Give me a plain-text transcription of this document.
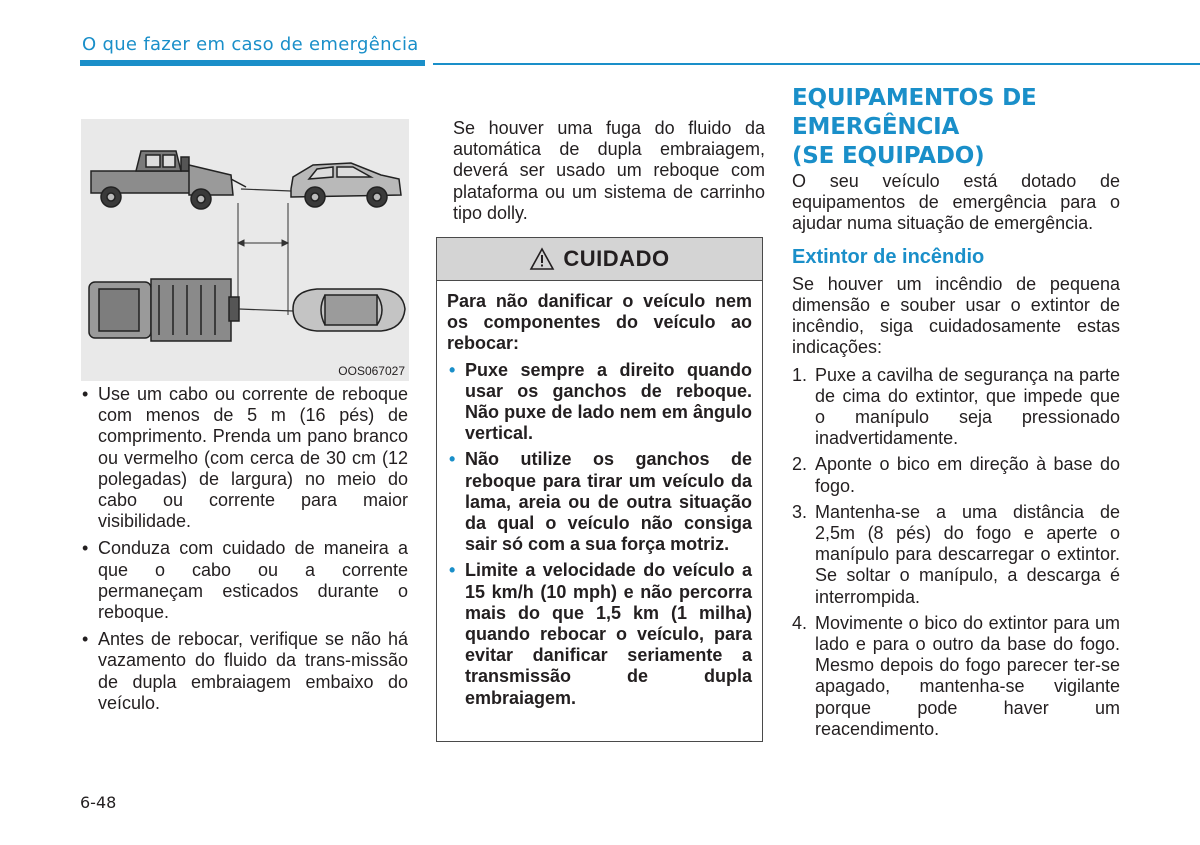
O que fazer em caso de emergência
OOS067027
• Use um cabo ou corrente de reboque com menos de 5 m (16 pés) de comprimento. Prenda um pano branco ou vermelho (com cerca de 30 cm (12 polegadas) de largura) no meio do cabo ou corrente para maior visibilidade.
• Conduza com cuidado de maneira a que o cabo ou a corrente permaneçam esticados durante o reboque.
• Antes de rebocar, verifique se não há vazamento do fluido da trans-missão de dupla embraiagem embaixo do veículo.

Se houver uma fuga do fluido da automática de dupla embraiagem, deverá ser usado um reboque com plataforma ou um sistema de carrinho tipo dolly.

CUIDADO

Para não danificar o veículo nem os componentes do veículo ao rebocar:

• Puxe sempre a direito quando usar os ganchos de reboque. Não puxe de lado nem em ângulo vertical.
• Não utilize os ganchos de reboque para tirar um veículo da lama, areia ou de outra situação da qual o veículo não consiga sair só com a sua força motriz.
• Limite a velocidade do veículo a 15 km/h (10 mph) e não percorra mais do que 1,5 km (1 milha) quando rebocar o veículo, para evitar danificar seriamente a transmissão de dupla embraiagem.
EQUIPAMENTOS DE
EMERGÊNCIA
(SE EQUIPADO)

O seu veículo está dotado de equipamentos de emergência para o ajudar numa situação de emergência.

Extintor de incêndio

Se houver um incêndio de pequena dimensão e souber usar o extintor de incêndio, siga cuidadosamente estas indicações:

1. Puxe a cavilha de segurança na parte de cima do extintor, que impede que o manípulo seja pressionado inadvertidamente.
2. Aponte o bico em direção à base do fogo.
3. Mantenha-se a uma distância de 2,5m (8 pés) do fogo e aperte o manípulo para descarregar o extintor. Se soltar o manípulo, a descarga é interrompida.
4. Movimente o bico do extintor para um lado e para o outro da base do fogo. Mesmo depois do fogo parecer ter-se apagado, mantenha-se vigilante porque pode haver um reacendimento.
6-48
